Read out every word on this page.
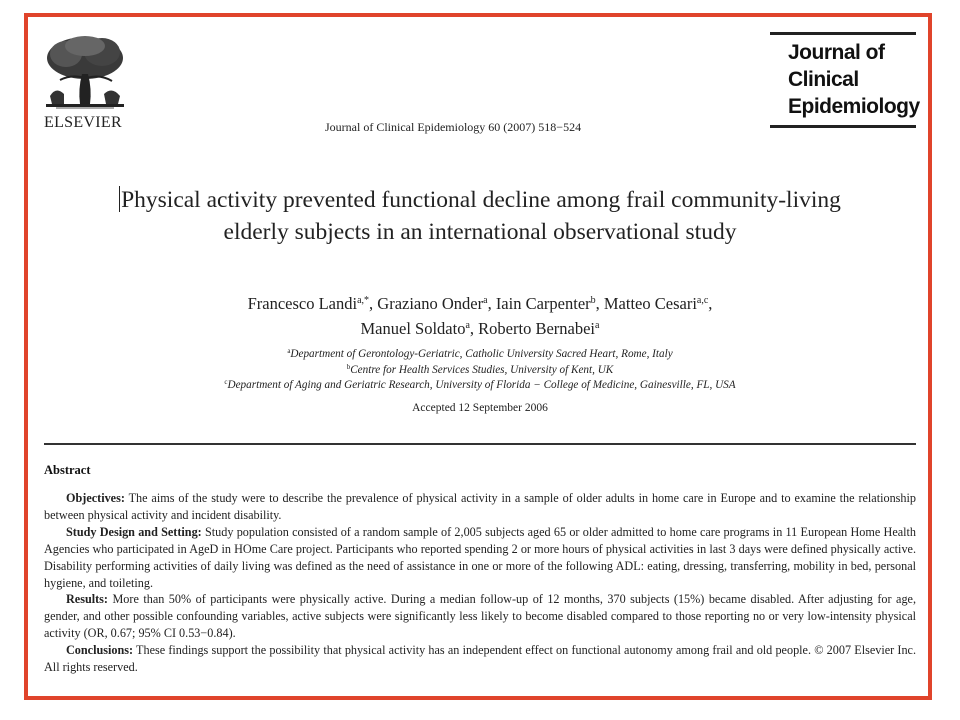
ELSEVIER	Journal of Clinical Epidemiology 60 (2007) 518−524
Journal of
Clinical
Epidemiology
Physical activity prevented functional decline among frail community-living elderly subjects in an international observational study
Francesco Landi$^{a,*}$, Graziano Onder$^a$, Iain Carpenter$^b$, Matteo Cesari$^{a,c}$,
Manuel Soldato$^a$, Roberto Bernabei$^a$
$^a$Department of Gerontology-Geriatric, Catholic University Sacred Heart, Rome, Italy
$^b$Centre for Health Services Studies, University of Kent, UK
$^c$Department of Aging and Geriatric Research, University of Florida − College of Medicine, Gainesville, FL, USA
Accepted 12 September 2006
Abstract

Objectives: The aims of the study were to describe the prevalence of physical activity in a sample of older adults in home care in Europe and to examine the relationship between physical activity and incident disability.

Study Design and Setting: Study population consisted of a random sample of 2,005 subjects aged 65 or older admitted to home care programs in 11 European Home Health Agencies who participated in AgeD in HOme Care project. Participants who reported spending 2 or more hours of physical activities in last 3 days were defined physically active. Disability performing activities of daily living was defined as the need of assistance in one or more of the following ADL: eating, dressing, transferring, mobility in bed, personal hygiene, and toileting.

Results: More than 50% of participants were physically active. During a median follow-up of 12 months, 370 subjects (15%) became disabled. After adjusting for age, gender, and other possible confounding variables, active subjects were significantly less likely to become disabled compared to those reporting no or very low-intensity physical activity (OR, 0.67; 95% CI 0.53−0.84).

Conclusions: These findings support the possibility that physical activity has an independent effect on functional autonomy among frail and old people. © 2007 Elsevier Inc. All rights reserved.
